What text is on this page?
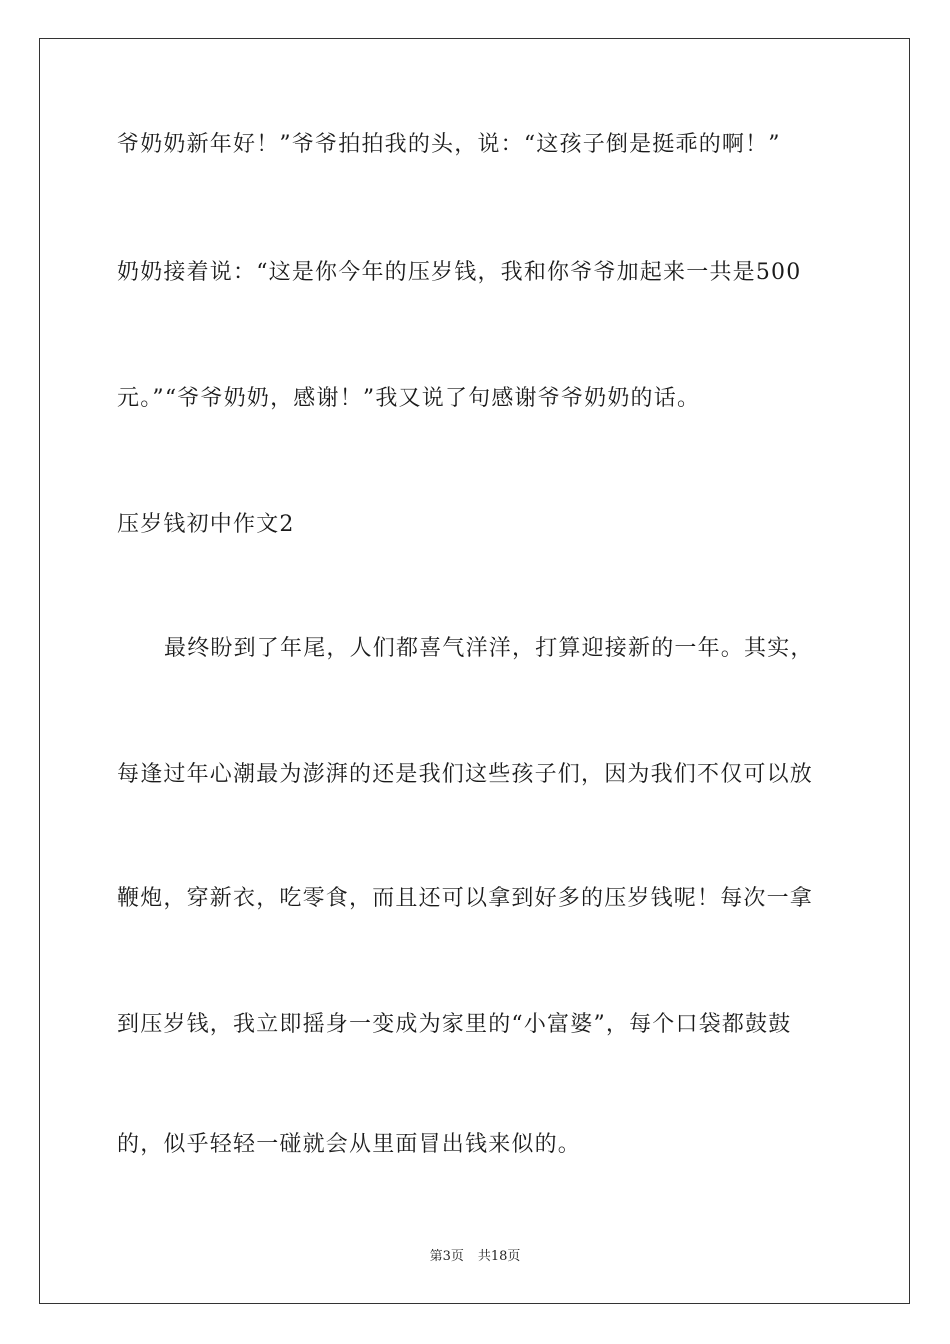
爷奶奶新年好！”爷爷拍拍我的头，说：“这孩子倒是挺乖的啊！”
奶奶接着说：“这是你今年的压岁钱，我和你爷爷加起来一共是500
元。”“爷爷奶奶，感谢！”我又说了句感谢爷爷奶奶的话。
压岁钱初中作文2
最终盼到了年尾，人们都喜气洋洋，打算迎接新的一年。其实，
每逢过年心潮最为澎湃的还是我们这些孩子们，因为我们不仅可以放
鞭炮，穿新衣，吃零食，而且还可以拿到好多的压岁钱呢！每次一拿
到压岁钱，我立即摇身一变成为家里的“小富婆”，每个口袋都鼓鼓
的，似乎轻轻一碰就会从里面冒出钱来似的。
第3页 共18页
